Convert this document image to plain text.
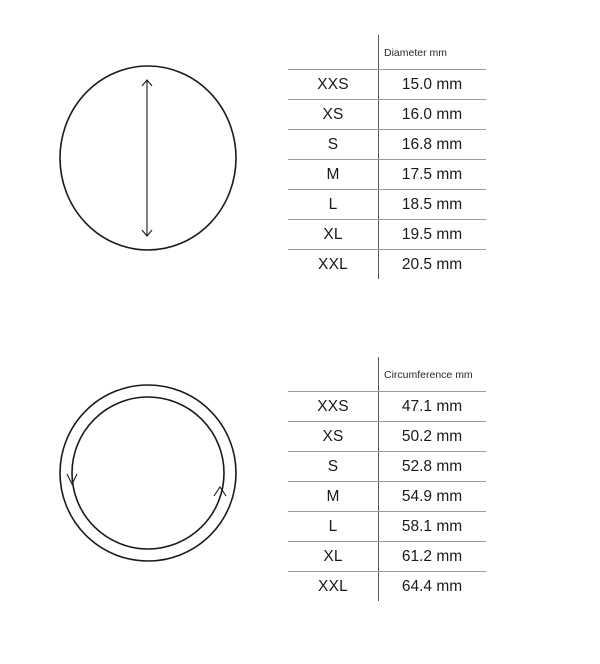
Diameter mm
XXS	15.0 mm
XS	16.0 mm
S	16.8 mm
M	17.5 mm
L	18.5 mm
XL	19.5 mm
XXL	20.5 mm
Circumference mm
XXS	47.1 mm
XS	50.2 mm
S	52.8 mm
M	54.9 mm
L	58.1 mm
XL	61.2 mm
XXL	64.4 mm
